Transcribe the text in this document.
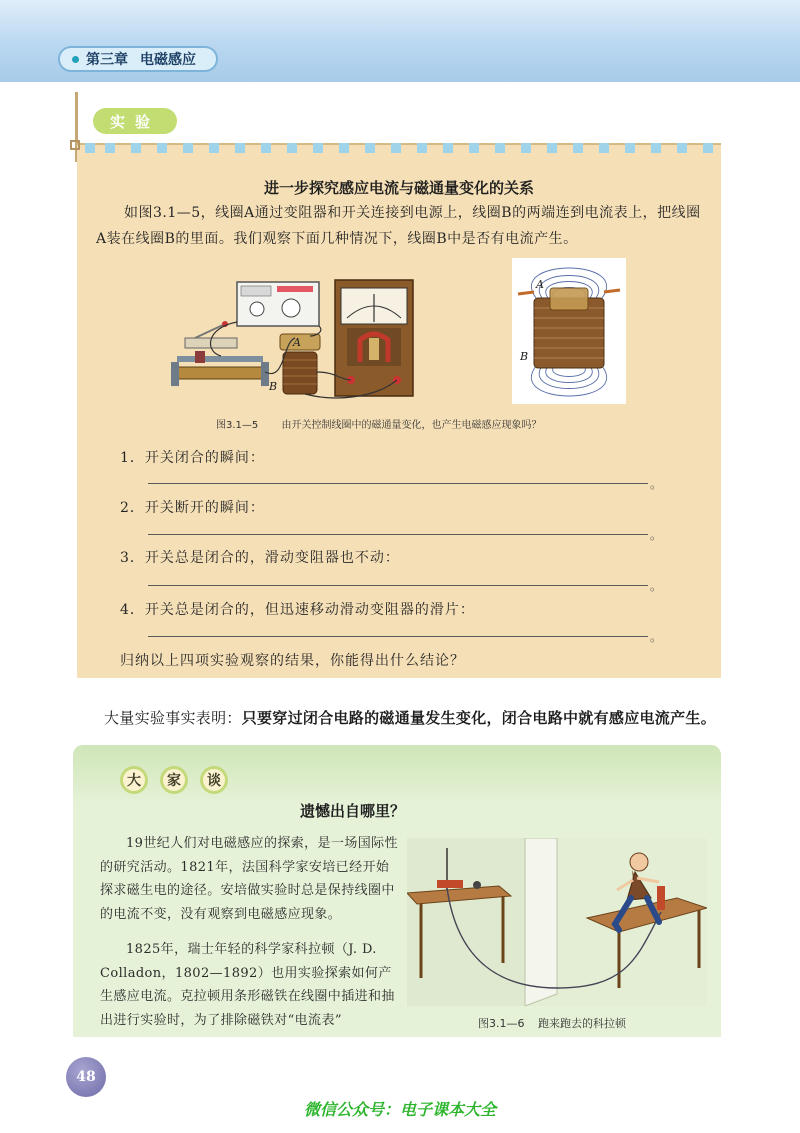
第三章 电磁感应
实验
进一步探究感应电流与磁通量变化的关系
如图3.1—5，线圈A通过变阻器和开关连接到电源上，线圈B的两端连到电流表上，把线圈A装在线圈B的里面。我们观察下面几种情况下，线圈B中是否有电流产生。
A
B
A
B
图3.1—5 由开关控制线圈中的磁通量变化，也产生电磁感应现象吗？
1．开关闭合的瞬间：
。
2．开关断开的瞬间：
。
3．开关总是闭合的，滑动变阻器也不动：
。
4．开关总是闭合的，但迅速移动滑动变阻器的滑片：
。
归纳以上四项实验观察的结果，你能得出什么结论？
大量实验事实表明：只要穿过闭合电路的磁通量发生变化，闭合电路中就有感应电流产生。
大	家	谈
遗憾出自哪里？
19世纪人们对电磁感应的探索，是一场国际性的研究活动。1821年，法国科学家安培已经开始探求磁生电的途径。安培做实验时总是保持线圈中的电流不变，没有观察到电磁感应现象。
1825年，瑞士年轻的科学家科拉顿（J. D. Colladon，1802—1892）也用实验探索如何产生感应电流。克拉顿用条形磁铁在线圈中插进和抽出进行实验时，为了排除磁铁对“电流表”	图3.1—6 跑来跑去的科拉顿
48
微信公众号：电子课本大全
